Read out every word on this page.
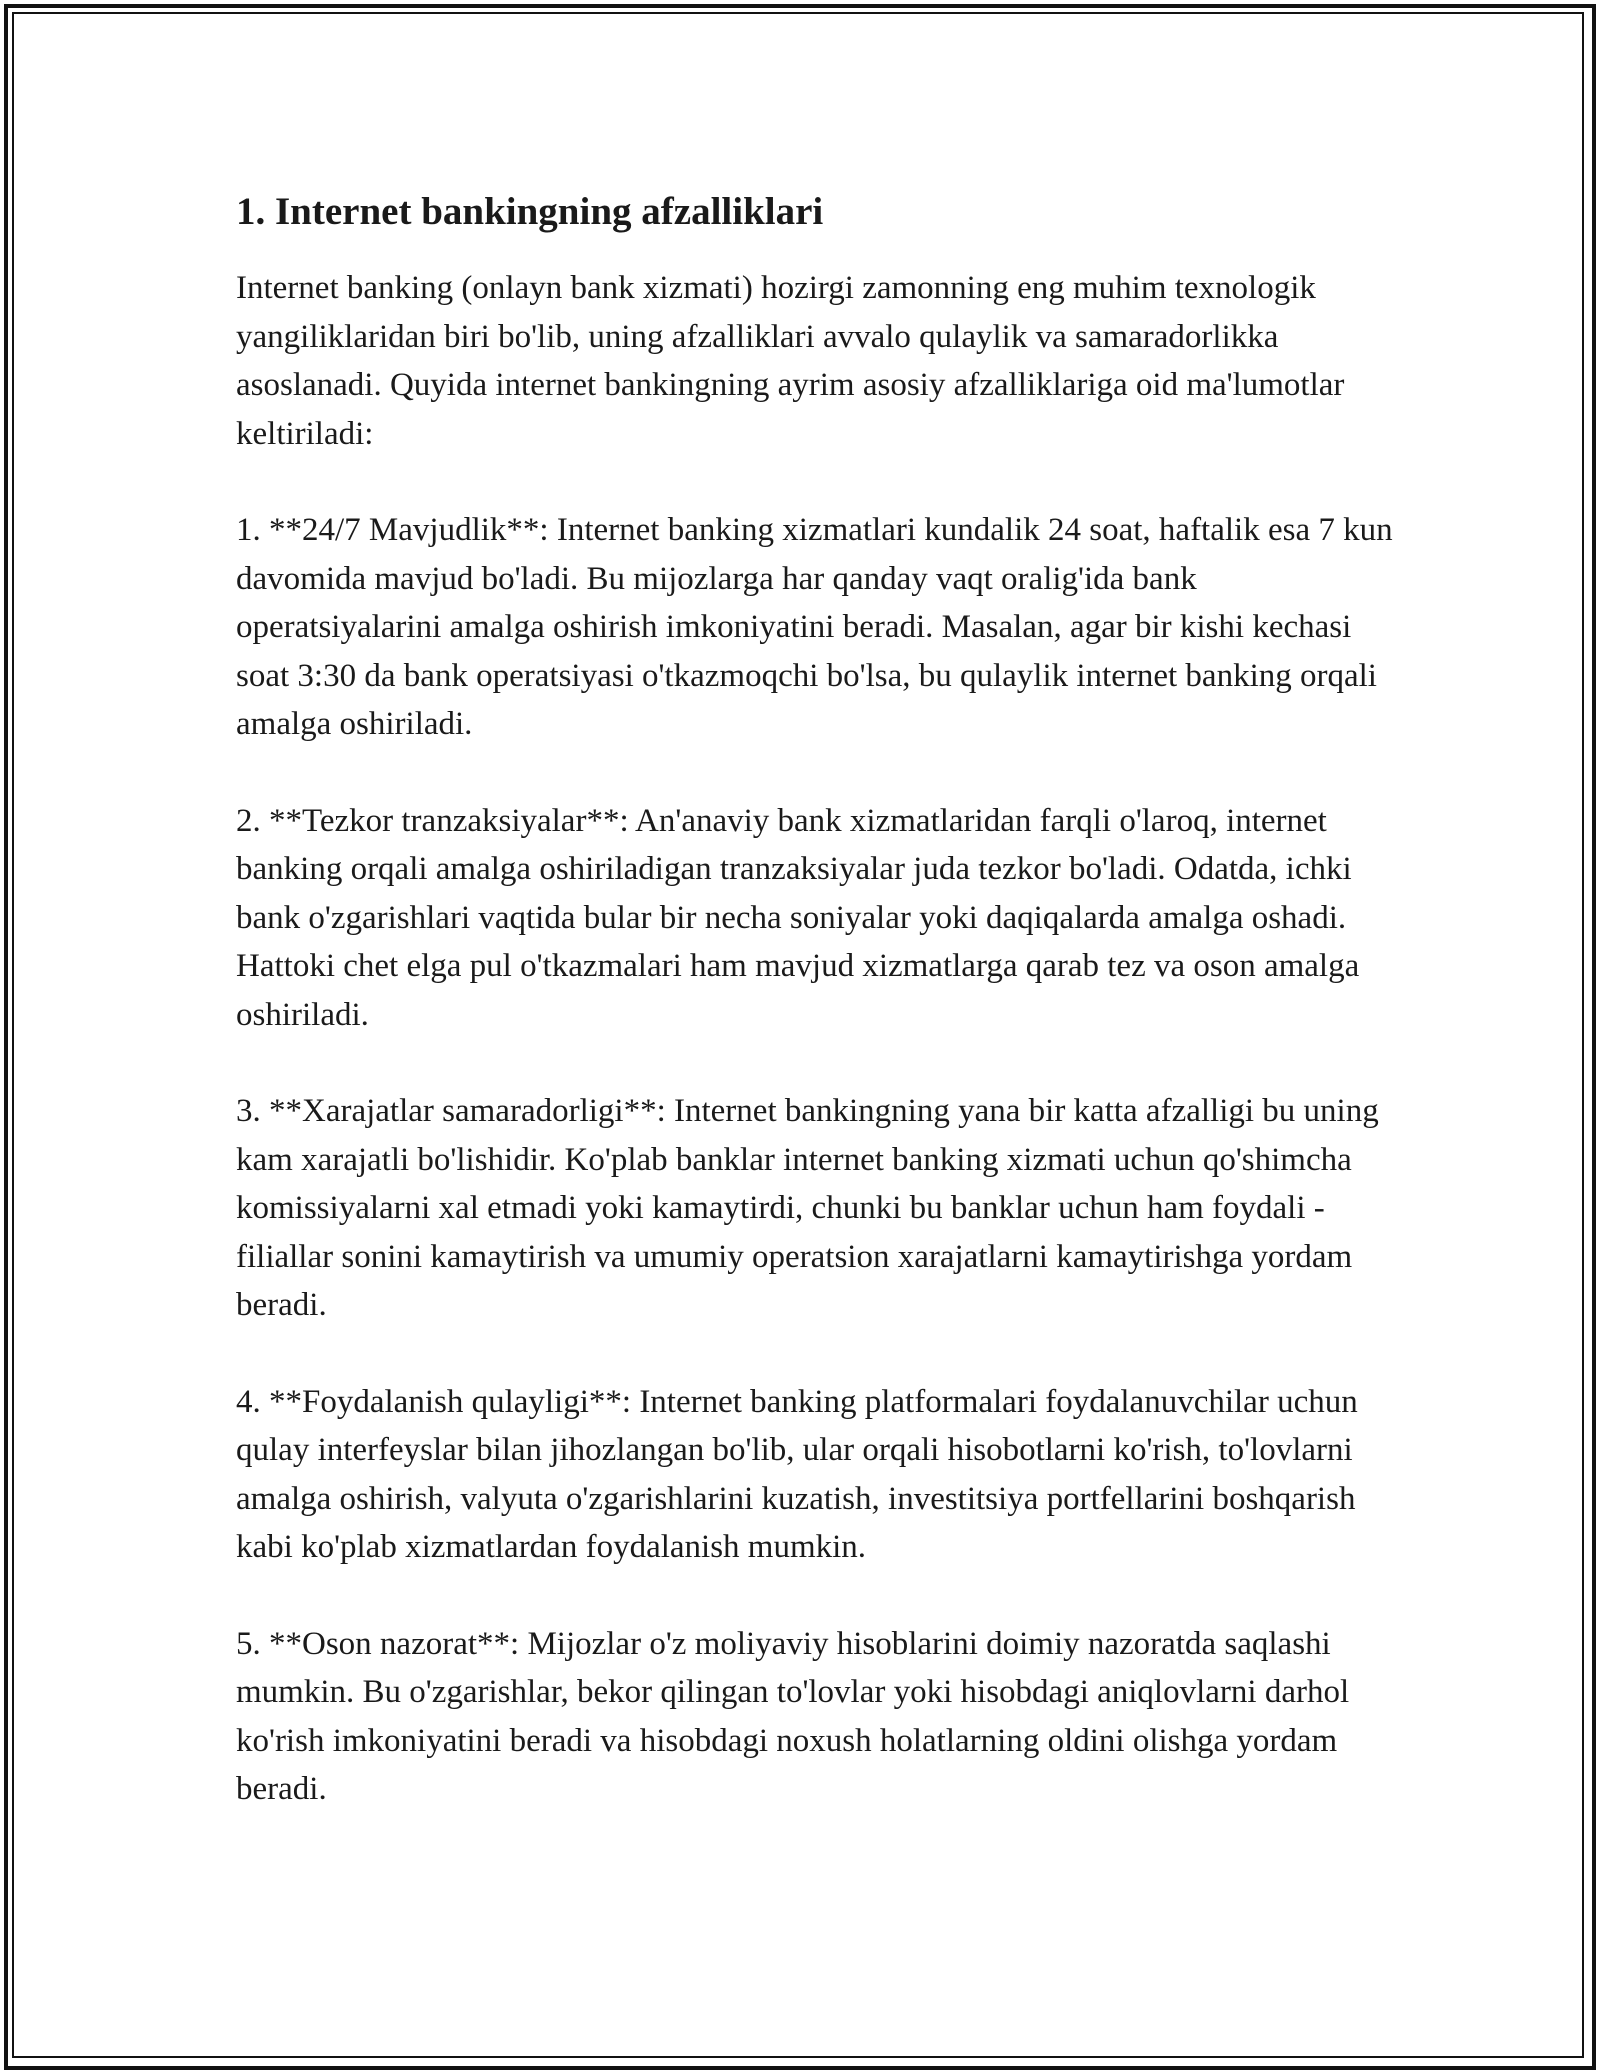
1. Internet bankingning afzalliklari

Internet banking (onlayn bank xizmati) hozirgi zamonning eng muhim texnologik yangiliklaridan biri bo'lib, uning afzalliklari avvalo qulaylik va samaradorlikka asoslanadi. Quyida internet bankingning ayrim asosiy afzalliklariga oid ma'lumotlar keltiriladi:

1. **24/7 Mavjudlik**: Internet banking xizmatlari kundalik 24 soat, haftalik esa 7 kun davomida mavjud bo'ladi. Bu mijozlarga har qanday vaqt oralig'ida bank operatsiyalarini amalga oshirish imkoniyatini beradi. Masalan, agar bir kishi kechasi soat 3:30 da bank operatsiyasi o'tkazmoqchi bo'lsa, bu qulaylik internet banking orqali amalga oshiriladi.

2. **Tezkor tranzaksiyalar**: An'anaviy bank xizmatlaridan farqli o'laroq, internet banking orqali amalga oshiriladigan tranzaksiyalar juda tezkor bo'ladi. Odatda, ichki bank o'zgarishlari vaqtida bular bir necha soniyalar yoki daqiqalarda amalga oshadi. Hattoki chet elga pul o'tkazmalari ham mavjud xizmatlarga qarab tez va oson amalga oshiriladi.

3. **Xarajatlar samaradorligi**: Internet bankingning yana bir katta afzalligi bu uning kam xarajatli bo'lishidir. Ko'plab banklar internet banking xizmati uchun qo'shimcha komissiyalarni xal etmadi yoki kamaytirdi, chunki bu banklar uchun ham foydali - filiallar sonini kamaytirish va umumiy operatsion xarajatlarni kamaytirishga yordam beradi.

4. **Foydalanish qulayligi**: Internet banking platformalari foydalanuvchilar uchun qulay interfeyslar bilan jihozlangan bo'lib, ular orqali hisobotlarni ko'rish, to'lovlarni amalga oshirish, valyuta o'zgarishlarini kuzatish, investitsiya portfellarini boshqarish kabi ko'plab xizmatlardan foydalanish mumkin.

5. **Oson nazorat**: Mijozlar o'z moliyaviy hisoblarini doimiy nazoratda saqlashi mumkin. Bu o'zgarishlar, bekor qilingan to'lovlar yoki hisobdagi aniqlovlarni darhol ko'rish imkoniyatini beradi va hisobdagi noxush holatlarning oldini olishga yordam beradi.
